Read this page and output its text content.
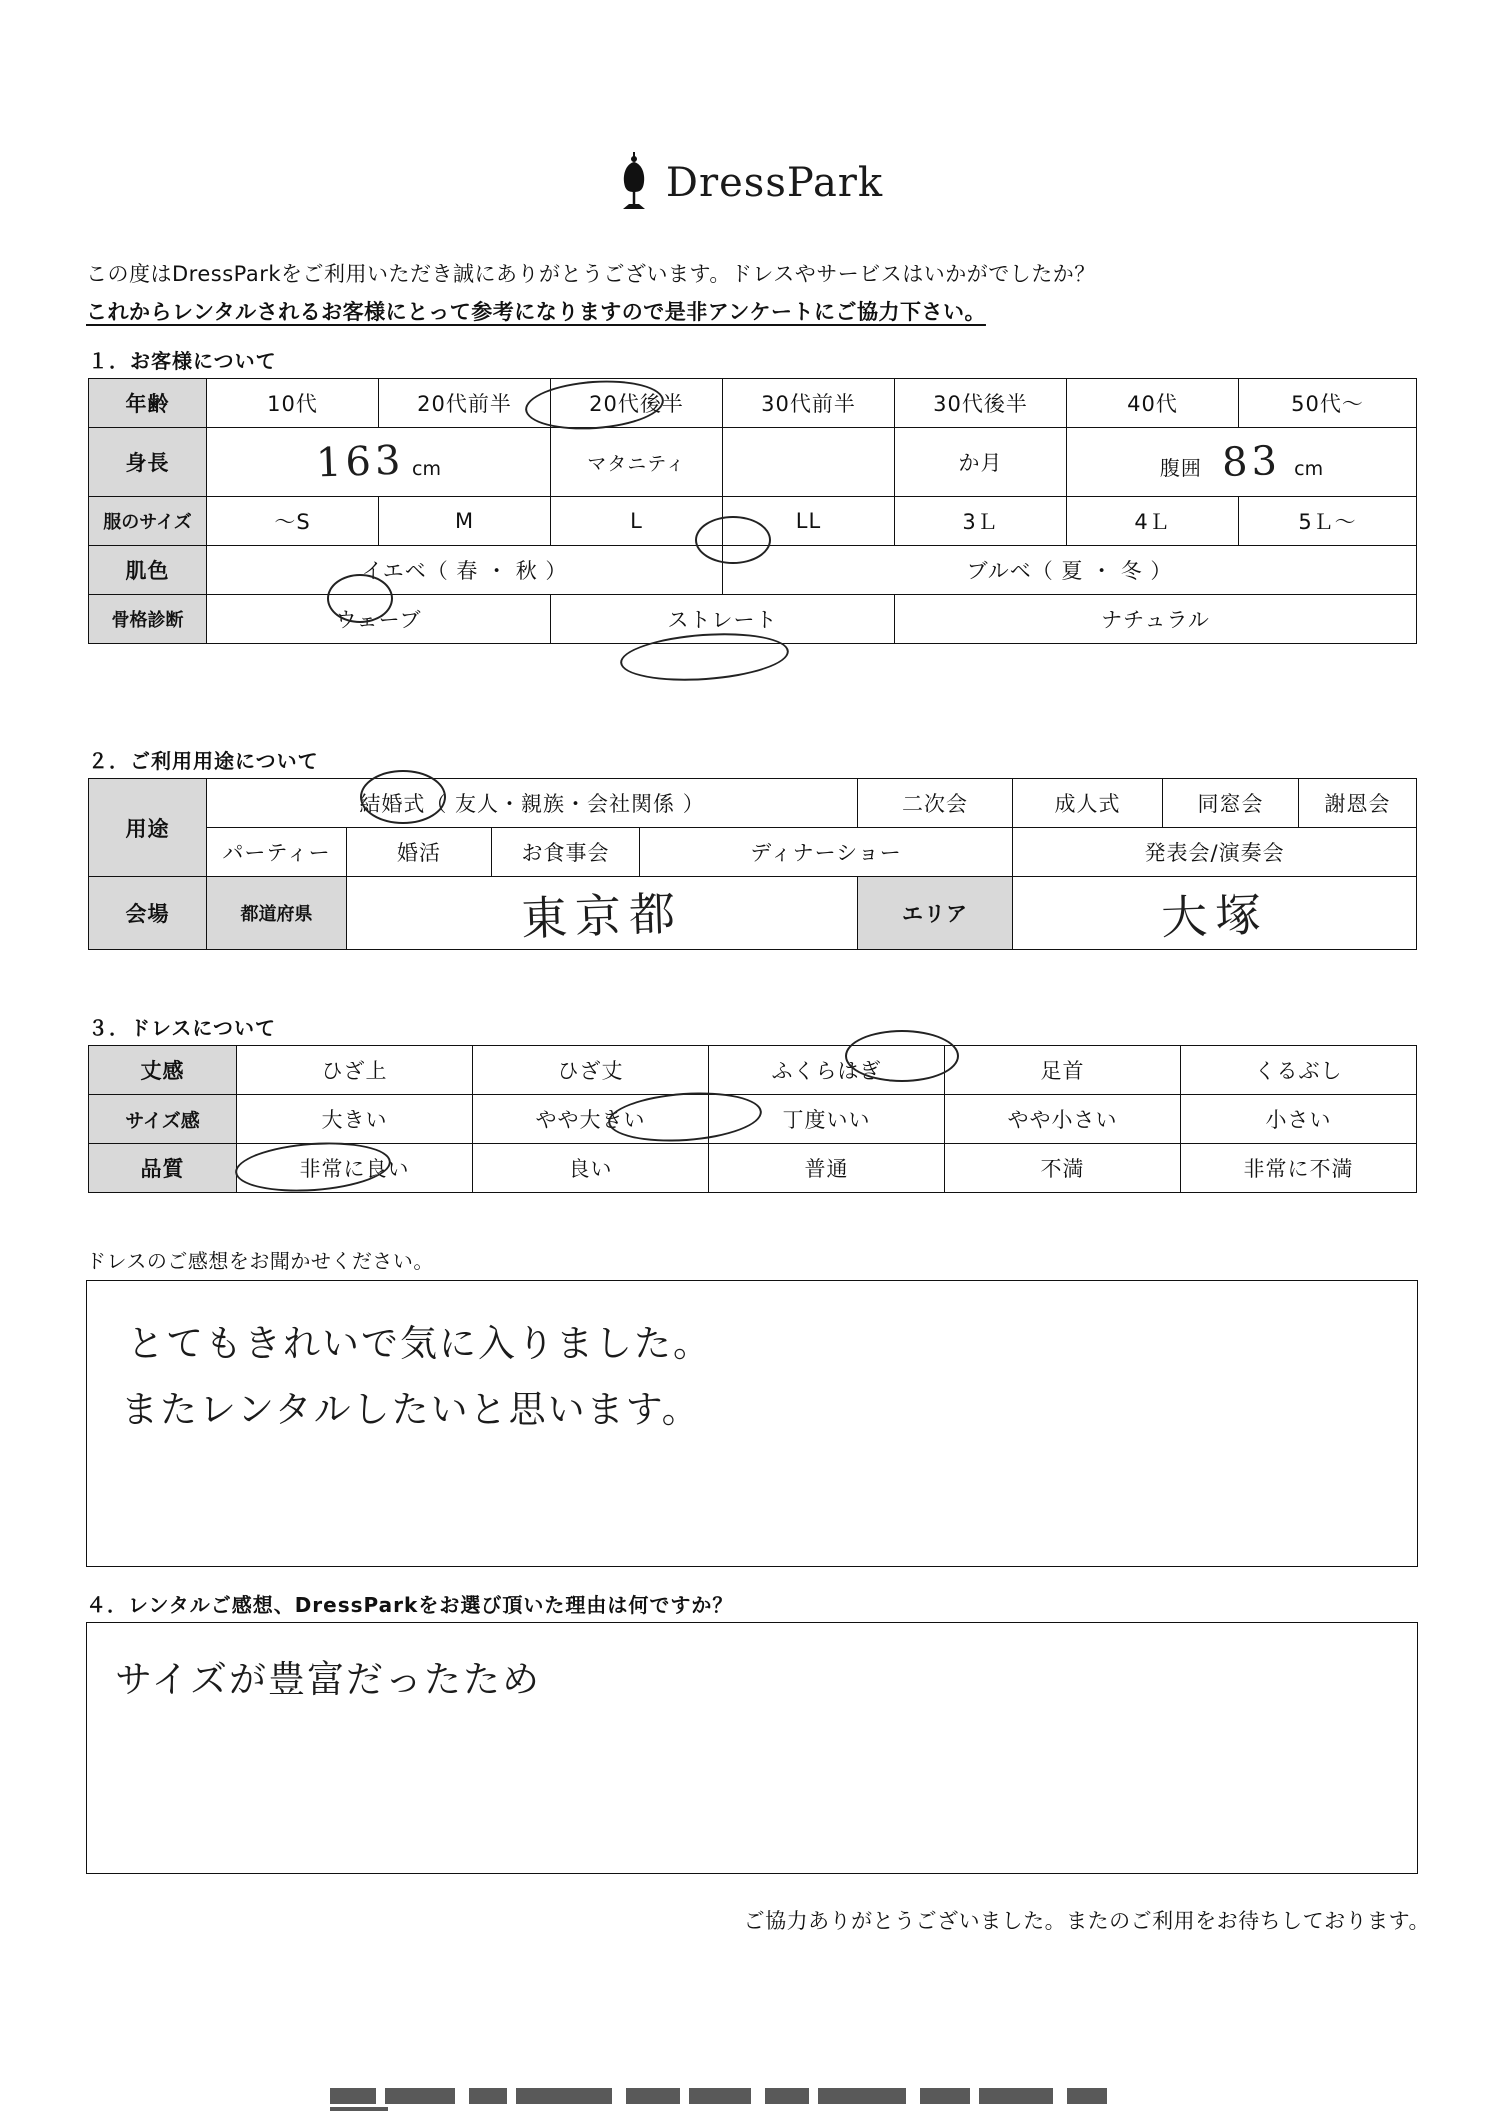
DressPark
この度はDressParkをご利用いただき誠にありがとうございます。ドレスやサービスはいかがでしたか？
これからレンタルされるお客様にとって参考になりますので是非アンケートにご協力下さい。
１．お客様について
年齢	10代	20代前半	20代後半	30代前半	30代後半	40代	50代～
身長	163 cm		マタニティ		か月	腹囲 83 cm	
服のサイズ	～S	M	L	LL	3Ｌ	4Ｌ	5Ｌ～
肌色	イエベ（ 春 ・ 秋 ）			ブルベ（ 夏 ・ 冬 ）			
骨格診断	ウェーブ		ストレート		ナチュラル		
２．ご利用用途について
用途	結婚式（ 友人・親族・会社関係 ）				二次会	成人式	同窓会	謝恩会
	パーティー	婚活	お食事会	ディナーショー		発表会/演奏会		
会場	都道府県	東京都			エリア	大塚		
３．ドレスについて
丈感	ひざ上	ひざ丈	ふくらはぎ	足首	くるぶし
サイズ感	大きい	やや大きい	丁度いい	やや小さい	小さい
品質	非常に良い	良い	普通	不満	非常に不満
ドレスのご感想をお聞かせください。
とてもきれいで気に入りました。
またレンタルしたいと思います。
４．レンタルご感想、DressParkをお選び頂いた理由は何ですか？
サイズが豊富だったため
ご協力ありがとうございました。またのご利用をお待ちしております。
